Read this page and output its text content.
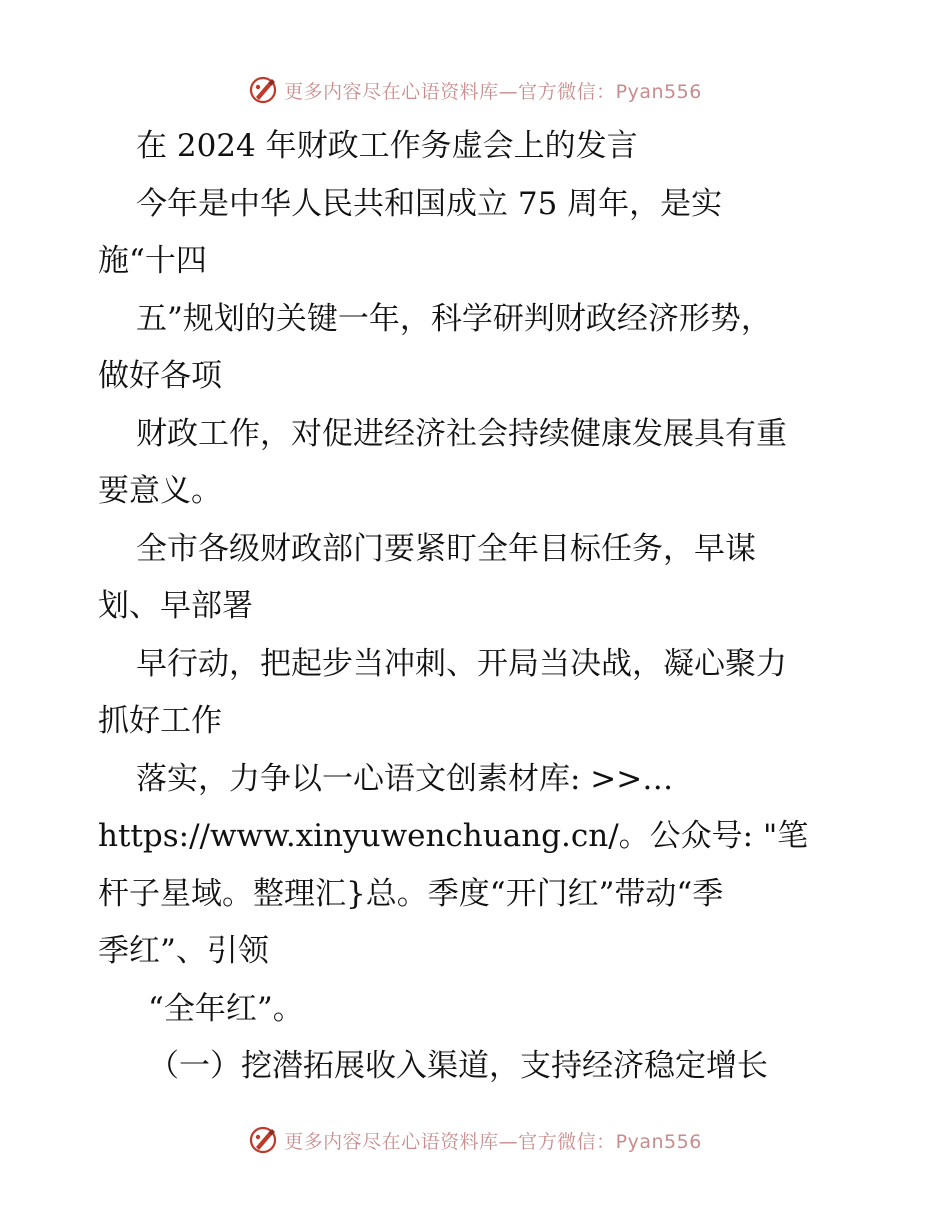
更多内容尽在心语资料库—官方微信：Pyan556
在 2024 年财政工作务虚会上的发言
今年是中华人民共和国成立 75 周年，是实
施“十四
五”规划的关键一年，科学研判财政经济形势，
做好各项
财政工作，对促进经济社会持续健康发展具有重
要意义。
全市各级财政部门要紧盯全年目标任务，早谋
划、早部署
早行动，把起步当冲刺、开局当决战，凝心聚力
抓好工作
落实，力争以一心语文创素材库: >>…
https://www.xinyuwenchuang.cn/。公众号: "笔
杆子星域。整理汇}总。季度“开门红”带动“季
季红”、引领
“全年红”。
（一）挖潜拓展收入渠道，支持经济稳定增长
更多内容尽在心语资料库—官方微信：Pyan556
